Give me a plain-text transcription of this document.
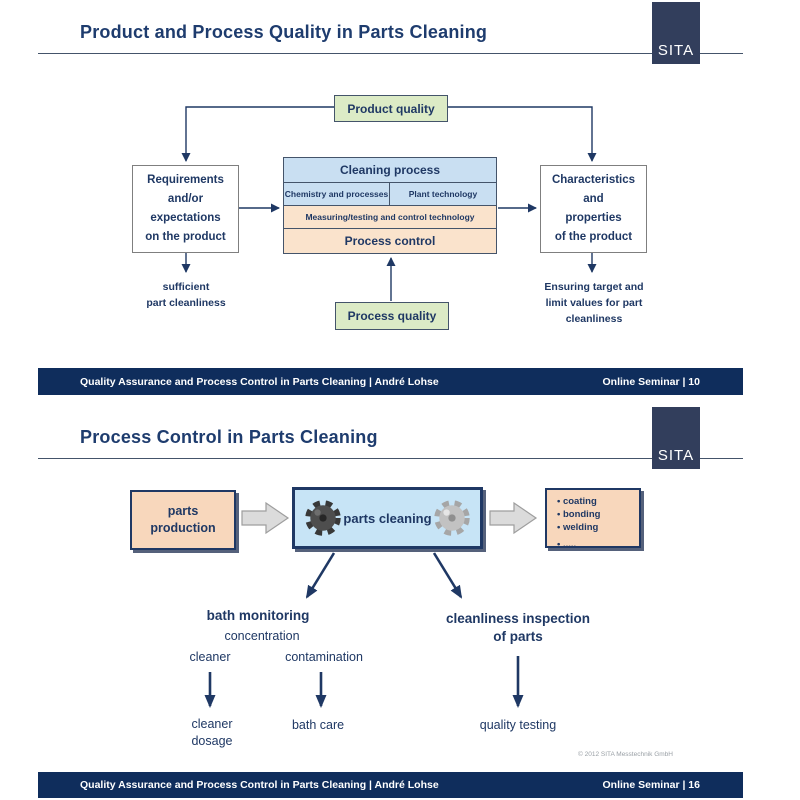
Product and Process Quality in Parts Cleaning
SITA
Product quality
Requirements
and/or
expectations
on the product
Cleaning process
Chemistry and processes	Plant technology
Measuring/testing and control technology
Process control
Characteristics
and
properties
of the product
sufficient
part cleanliness
Ensuring target and
limit values for part
cleanliness
Process quality
Quality Assurance and Process Control in Parts Cleaning | André Lohse	Online Seminar | 10
Process Control in Parts Cleaning
SITA
parts
production
parts cleaning
• coating
• bonding
• welding
• .....
bath monitoring
concentration
cleaner	contamination
cleanliness inspection
of parts
cleaner
dosage
bath care	quality testing
© 2012 SITA Messtechnik GmbH
Quality Assurance and Process Control in Parts Cleaning | André Lohse	Online Seminar | 16
